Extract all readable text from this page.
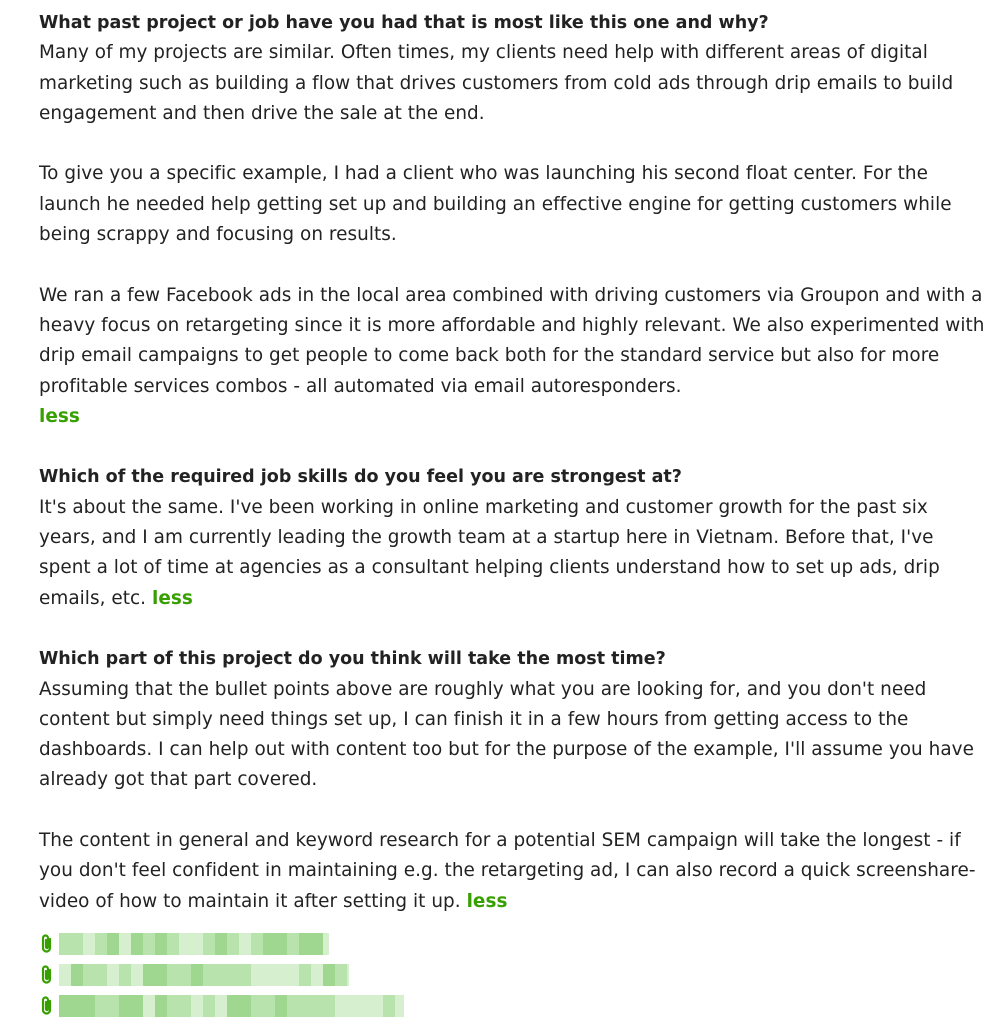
What past project or job have you had that is most like this one and why?

Many of my projects are similar. Often times, my clients need help with different areas of digital marketing such as building a flow that drives customers from cold ads through drip emails to build engagement and then drive the sale at the end.

To give you a specific example, I had a client who was launching his second float center. For the launch he needed help getting set up and building an effective engine for getting customers while being scrappy and focusing on results.

We ran a few Facebook ads in the local area combined with driving customers via Groupon and with a heavy focus on retargeting since it is more affordable and highly relevant. We also experimented with drip email campaigns to get people to come back both for the standard service but also for more profitable services combos - all automated via email autoresponders.
less

Which of the required job skills do you feel you are strongest at?

It's about the same. I've been working in online marketing and customer growth for the past six years, and I am currently leading the growth team at a startup here in Vietnam. Before that, I've spent a lot of time at agencies as a consultant helping clients understand how to set up ads, drip emails, etc. less

Which part of this project do you think will take the most time?

Assuming that the bullet points above are roughly what you are looking for, and you don't need content but simply need things set up, I can finish it in a few hours from getting access to the dashboards. I can help out with content too but for the purpose of the example, I'll assume you have already got that part covered.

The content in general and keyword research for a potential SEM campaign will take the longest - if you don't feel confident in maintaining e.g. the retargeting ad, I can also record a quick screenshare-video of how to maintain it after setting it up. less
